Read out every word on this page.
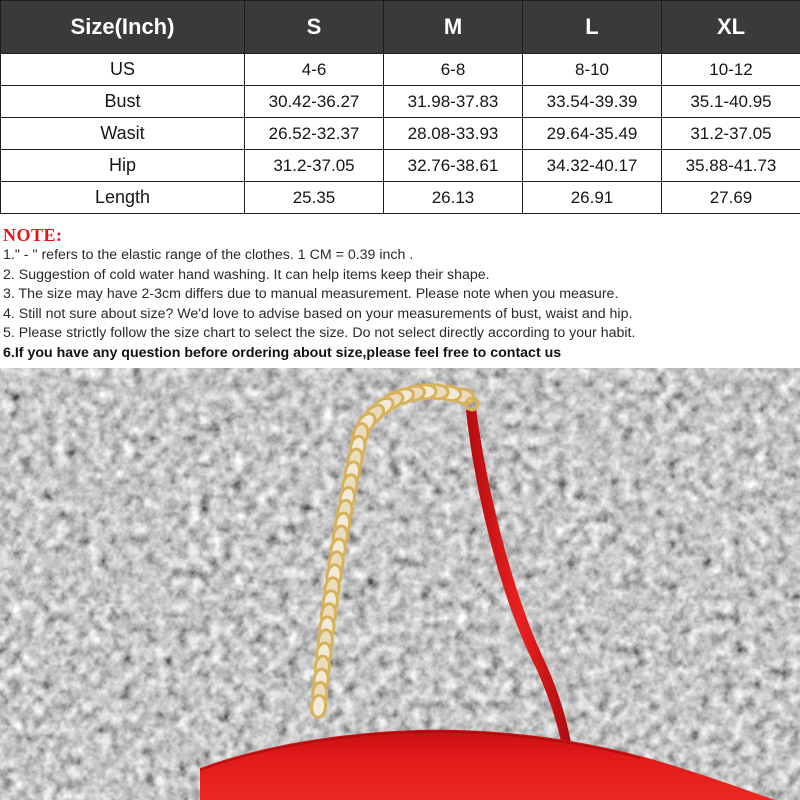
Size(Inch)	S	M	L	XL
US	4-6	6-8	8-10	10-12
Bust	30.42-36.27	31.98-37.83	33.54-39.39	35.1-40.95
Wasit	26.52-32.37	28.08-33.93	29.64-35.49	31.2-37.05
Hip	31.2-37.05	32.76-38.61	34.32-40.17	35.88-41.73
Length	25.35	26.13	26.91	27.69
NOTE:
1." - " refers to the elastic range of the clothes. 1 CM = 0.39 inch .
2. Suggestion of cold water hand washing. It can help items keep their shape.
3. The size may have 2-3cm differs due to manual measurement. Please note when you measure.
4. Still not sure about size? We'd love to advise based on your measurements of bust, waist and hip.
5. Please strictly follow the size chart to select the size. Do not select directly according to your habit.
6.If you have any question before ordering about size,please feel free to contact us
